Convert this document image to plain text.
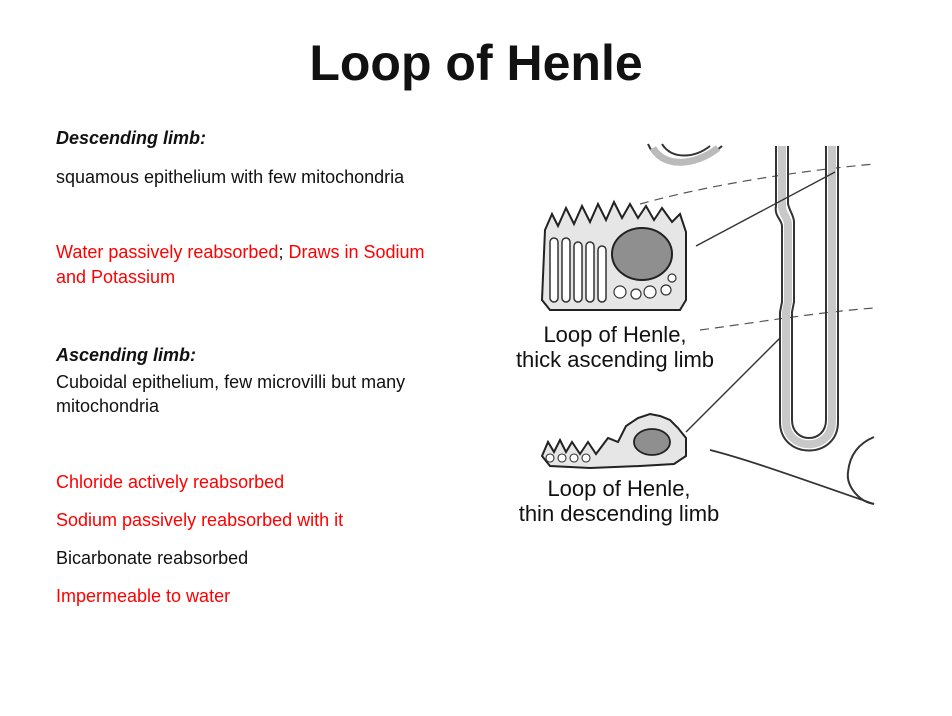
Loop of Henle
Descending limb:
squamous epithelium with few mitochondria
Water passively reabsorbed; Draws in Sodium
and Potassium
Ascending limb:
Cuboidal epithelium, few microvilli but many
mitochondria
Chloride actively reabsorbed
Sodium passively reabsorbed with it
Bicarbonate reabsorbed
Impermeable to water
Loop of Henle,
thick ascending limb
Loop of Henle,
thin descending limb
